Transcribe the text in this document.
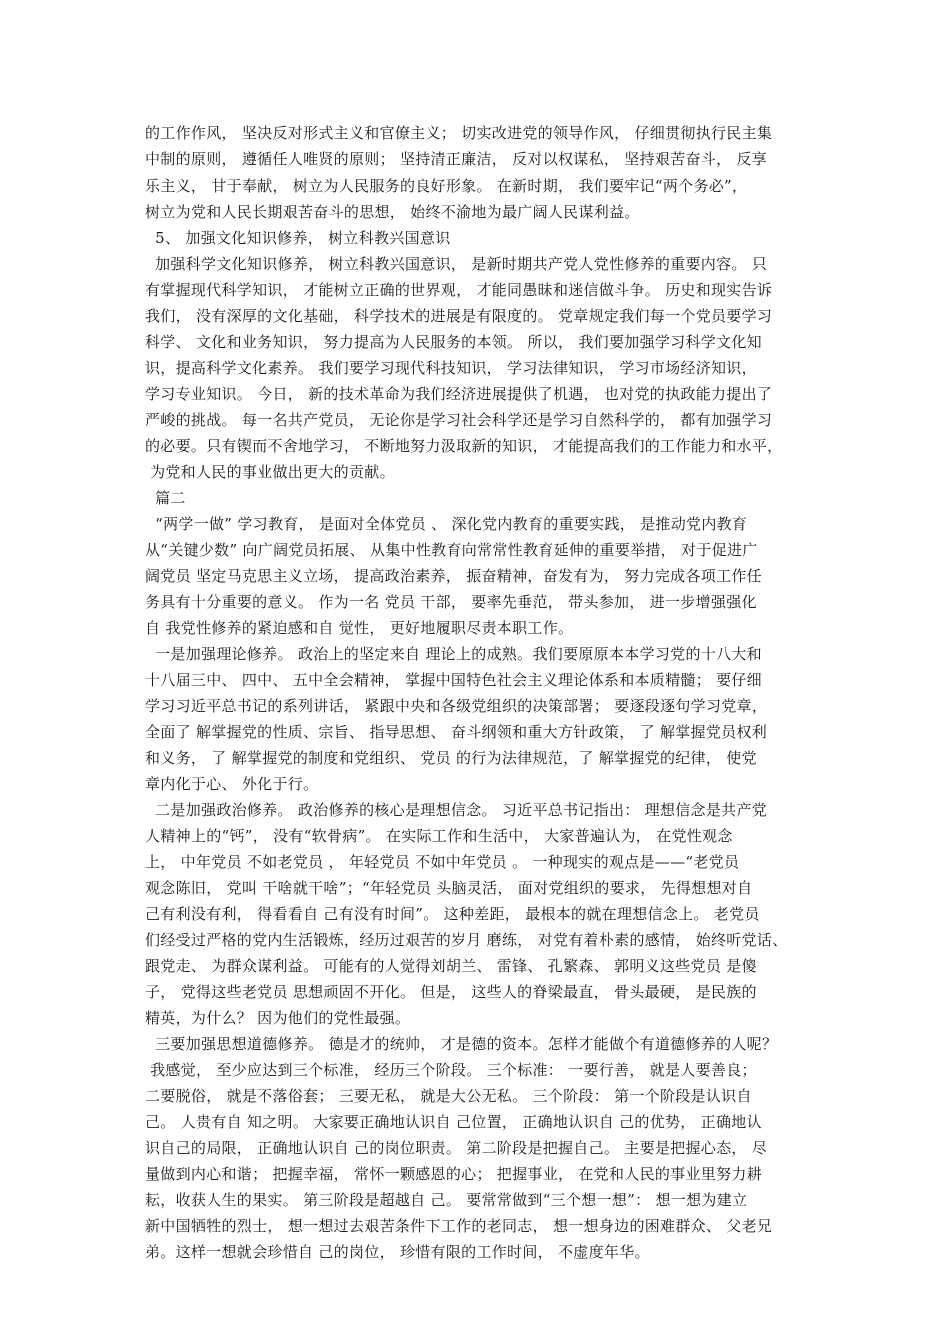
的工作作风， 坚决反对形式主义和官僚主义； 切实改进党的领导作风， 仔细贯彻执行民主集
中制的原则， 遵循任人唯贤的原则； 坚持清正廉洁， 反对以权谋私， 坚持艰苦奋斗， 反享
乐主义， 甘于奉献， 树立为人民服务的良好形象。 在新时期， 我们要牢记“两个务必”，
树立为党和人民长期艰苦奋斗的思想， 始终不渝地为最广阔人民谋利益。
5、 加强文化知识修养， 树立科教兴国意识
加强科学文化知识修养， 树立科教兴国意识， 是新时期共产党人党性修养的重要内容。 只
有掌握现代科学知识， 才能树立正确的世界观， 才能同愚昧和迷信做斗争。 历史和现实告诉
我们， 没有深厚的文化基础， 科学技术的进展是有限度的。 党章规定我们每一个党员要学习
科学、 文化和业务知识， 努力提高为人民服务的本领。 所以， 我们要加强学习科学文化知
识，提高科学文化素养。 我们要学习现代科技知识， 学习法律知识， 学习市场经济知识，
学习专业知识。 今日， 新的技术革命为我们经济进展提供了机遇， 也对党的执政能力提出了
严峻的挑战。 每一名共产党员， 无论你是学习社会科学还是学习自然科学的， 都有加强学习
的必要。只有锲而不舍地学习， 不断地努力汲取新的知识， 才能提高我们的工作能力和水平，
为党和人民的事业做出更大的贡献。
篇二
“两学一做” 学习教育， 是面对全体党员 、 深化党内教育的重要实践， 是推动党内教育
从“关键少数” 向广阔党员拓展、 从集中性教育向常常性教育延伸的重要举措， 对于促进广
阔党员 坚定马克思主义立场， 提高政治素养， 振奋精神，奋发有为， 努力完成各项工作任
务具有十分重要的意义。 作为一名 党员 干部， 要率先垂范， 带头参加， 进一步增强强化
自 我党性修养的紧迫感和自 觉性， 更好地履职尽责本职工作。
一是加强理论修养。 政治上的坚定来自 理论上的成熟。我们要原原本本学习党的十八大和
十八届三中、 四中、 五中全会精神， 掌握中国特色社会主义理论体系和本质精髓； 要仔细
学习习近平总书记的系列讲话， 紧跟中央和各级党组织的决策部署； 要逐段逐句学习党章，
全面了 解掌握党的性质、宗旨、 指导思想、 奋斗纲领和重大方针政策， 了 解掌握党员权利
和义务， 了 解掌握党的制度和党组织、 党员 的行为法律规范，了 解掌握党的纪律， 使党
章内化于心、 外化于行。
二是加强政治修养。 政治修养的核心是理想信念。 习近平总书记指出： 理想信念是共产党
人精神上的“钙”， 没有“软骨病”。 在实际工作和生活中， 大家普遍认为， 在党性观念
上， 中年党员 不如老党员 ， 年轻党员 不如中年党员 。 一种现实的观点是——“老党员
观念陈旧， 党叫 干啥就干啥”；“年轻党员 头脑灵活， 面对党组织的要求， 先得想想对自
己有利没有利， 得看看自 己有没有时间”。 这种差距， 最根本的就在理想信念上。 老党员
们经受过严格的党内生活锻炼，经历过艰苦的岁月 磨练， 对党有着朴素的感情， 始终听党话、
跟党走、 为群众谋利益。 可能有的人觉得刘胡兰、 雷锋、 孔繁森、 郭明义这些党员 是傻
子， 党得这些老党员 思想顽固不开化。 但是， 这些人的脊梁最直， 骨头最硬， 是民族的
精英，为什么？ 因为他们的党性最强。
三要加强思想道德修养。 德是才的统帅， 才是德的资本。怎样才能做个有道德修养的人呢？
我感觉， 至少应达到三个标准， 经历三个阶段。 三个标准： 一要行善， 就是人要善良；
二要脱俗， 就是不落俗套； 三要无私， 就是大公无私。 三个阶段： 第一个阶段是认识自
己。 人贵有自 知之明。 大家要正确地认识自 己位置， 正确地认识自 己的优势， 正确地认
识自己的局限， 正确地认识自 己的岗位职责。 第二阶段是把握自己。 主要是把握心态， 尽
量做到内心和谐； 把握幸福， 常怀一颗感恩的心； 把握事业， 在党和人民的事业里努力耕
耘，收获人生的果实。 第三阶段是超越自 己。 要常常做到“三个想一想”： 想一想为建立
新中国牺牲的烈士， 想一想过去艰苦条件下工作的老同志， 想一想身边的困难群众、 父老兄
弟。这样一想就会珍惜自 己的岗位， 珍惜有限的工作时间， 不虚度年华。
